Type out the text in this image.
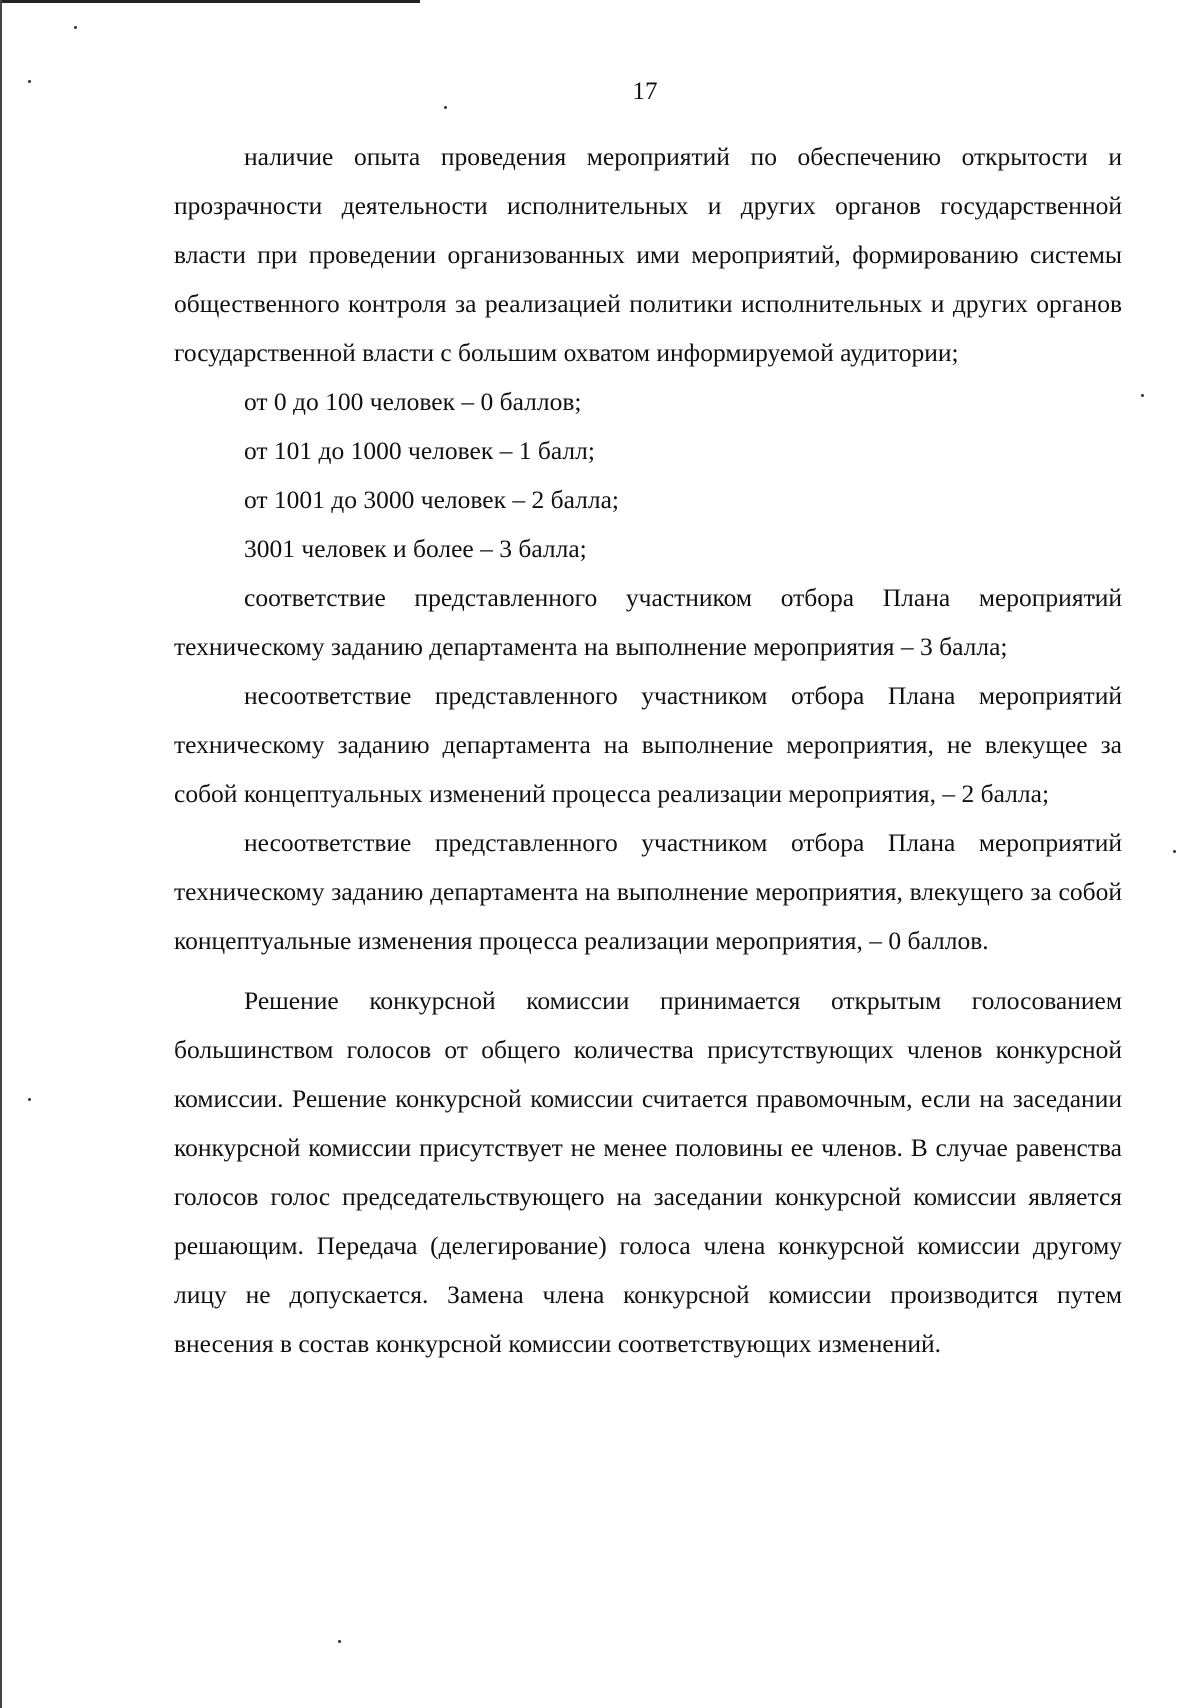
17

наличие опыта проведения мероприятий по обеспечению открытости и прозрачности деятельности исполнительных и других органов государственной власти при проведении организованных ими мероприятий, формированию системы общественного контроля за реализацией политики исполнительных и других органов государственной власти с большим охватом информируемой аудитории;

от 0 до 100 человек – 0 баллов;

от 101 до 1000 человек – 1 балл;

от 1001 до 3000 человек – 2 балла;

3001 человек и более – 3 балла;

соответствие представленного участником отбора Плана мероприятий техническому заданию департамента на выполнение мероприятия – 3 балла;

несоответствие представленного участником отбора Плана мероприятий техническому заданию департамента на выполнение мероприятия, не влекущее за собой концептуальных изменений процесса реализации мероприятия, – 2 балла;

несоответствие представленного участником отбора Плана мероприятий техническому заданию департамента на выполнение мероприятия, влекущего за собой концептуальные изменения процесса реализации мероприятия, – 0 баллов.

Решение конкурсной комиссии принимается открытым голосованием большинством голосов от общего количества присутствующих членов конкурсной комиссии. Решение конкурсной комиссии считается правомочным, если на заседании конкурсной комиссии присутствует не менее половины ее членов. В случае равенства голосов голос председательствующего на заседании конкурсной комиссии является решающим. Передача (делегирование) голоса члена конкурсной комиссии другому лицу не допускается. Замена члена конкурсной комиссии производится путем внесения в состав конкурсной комиссии соответствующих изменений.
